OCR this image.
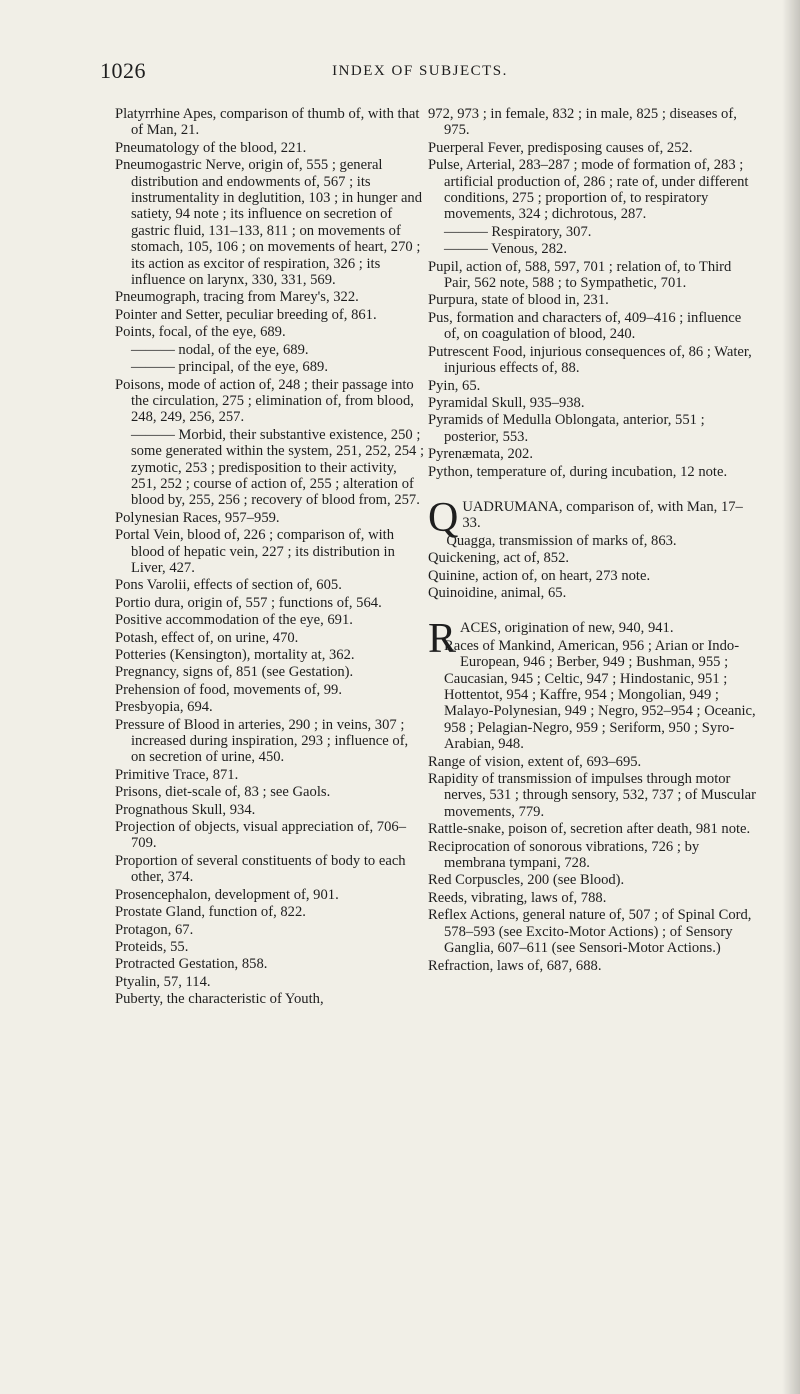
1026	INDEX OF SUBJECTS.

Platyrrhine Apes, comparison of thumb of, with that of Man, 21.

Pneumatology of the blood, 221.

Pneumogastric Nerve, origin of, 555 ; general distribution and endowments of, 567 ; its instrumentality in deglutition, 103 ; in hunger and satiety, 94 note ; its influence on secretion of gastric fluid, 131–133, 811 ; on movements of stomach, 105, 106 ; on movements of heart, 270 ; its action as excitor of respiration, 326 ; its influence on larynx, 330, 331, 569.

Pneumograph, tracing from Marey's, 322.

Pointer and Setter, peculiar breeding of, 861.

Points, focal, of the eye, 689.

——— nodal, of the eye, 689.

——— principal, of the eye, 689.

Poisons, mode of action of, 248 ; their passage into the circulation, 275 ; elimination of, from blood, 248, 249, 256, 257.

——— Morbid, their substantive existence, 250 ; some generated within the system, 251, 252, 254 ; zymotic, 253 ; predisposition to their activity, 251, 252 ; course of action of, 255 ; alteration of blood by, 255, 256 ; recovery of blood from, 257.

Polynesian Races, 957–959.

Portal Vein, blood of, 226 ; comparison of, with blood of hepatic vein, 227 ; its distribution in Liver, 427.

Pons Varolii, effects of section of, 605.

Portio dura, origin of, 557 ; functions of, 564.

Positive accommodation of the eye, 691.

Potash, effect of, on urine, 470.

Potteries (Kensington), mortality at, 362.

Pregnancy, signs of, 851 (see Gestation).

Prehension of food, movements of, 99.

Presbyopia, 694.

Pressure of Blood in arteries, 290 ; in veins, 307 ; increased during inspiration, 293 ; influence of, on secretion of urine, 450.

Primitive Trace, 871.

Prisons, diet-scale of, 83 ; see Gaols.

Prognathous Skull, 934.

Projection of objects, visual appreciation of, 706–709.

Proportion of several constituents of body to each other, 374.

Prosencephalon, development of, 901.

Prostate Gland, function of, 822.

Protagon, 67.

Proteids, 55.

Protracted Gestation, 858.

Ptyalin, 57, 114.

Puberty, the characteristic of Youth,

972, 973 ; in female, 832 ; in male, 825 ; diseases of, 975.

Puerperal Fever, predisposing causes of, 252.

Pulse, Arterial, 283–287 ; mode of formation of, 283 ; artificial production of, 286 ; rate of, under different conditions, 275 ; proportion of, to respiratory movements, 324 ; dichrotous, 287.

——— Respiratory, 307.

——— Venous, 282.

Pupil, action of, 588, 597, 701 ; relation of, to Third Pair, 562 note, 588 ; to Sympathetic, 701.

Purpura, state of blood in, 231.

Pus, formation and characters of, 409–416 ; influence of, on coagulation of blood, 240.

Putrescent Food, injurious consequences of, 86 ; Water, injurious effects of, 88.

Pyin, 65.

Pyramidal Skull, 935–938.

Pyramids of Medulla Oblongata, anterior, 551 ; posterior, 553.

Pyrenæmata, 202.

Python, temperature of, during incubation, 12 note.

Q UADRUMANA, comparison of, with Man, 17–33.

Quagga, transmission of marks of, 863.

Quickening, act of, 852.

Quinine, action of, on heart, 273 note.

Quinoidine, animal, 65.

R ACES, origination of new, 940, 941.

Races of Mankind, American, 956 ; Arian or Indo-European, 946 ; Berber, 949 ; Bushman, 955 ; Caucasian, 945 ; Celtic, 947 ; Hindostanic, 951 ; Hottentot, 954 ; Kaffre, 954 ; Mongolian, 949 ; Malayo-Polynesian, 949 ; Negro, 952–954 ; Oceanic, 958 ; Pelagian-Negro, 959 ; Seriform, 950 ; Syro-Arabian, 948.

Range of vision, extent of, 693–695.

Rapidity of transmission of impulses through motor nerves, 531 ; through sensory, 532, 737 ; of Muscular movements, 779.

Rattle-snake, poison of, secretion after death, 981 note.

Reciprocation of sonorous vibrations, 726 ; by membrana tympani, 728.

Red Corpuscles, 200 (see Blood).

Reeds, vibrating, laws of, 788.

Reflex Actions, general nature of, 507 ; of Spinal Cord, 578–593 (see Excito-Motor Actions) ; of Sensory Ganglia, 607–611 (see Sensori-Motor Actions.)

Refraction, laws of, 687, 688.
